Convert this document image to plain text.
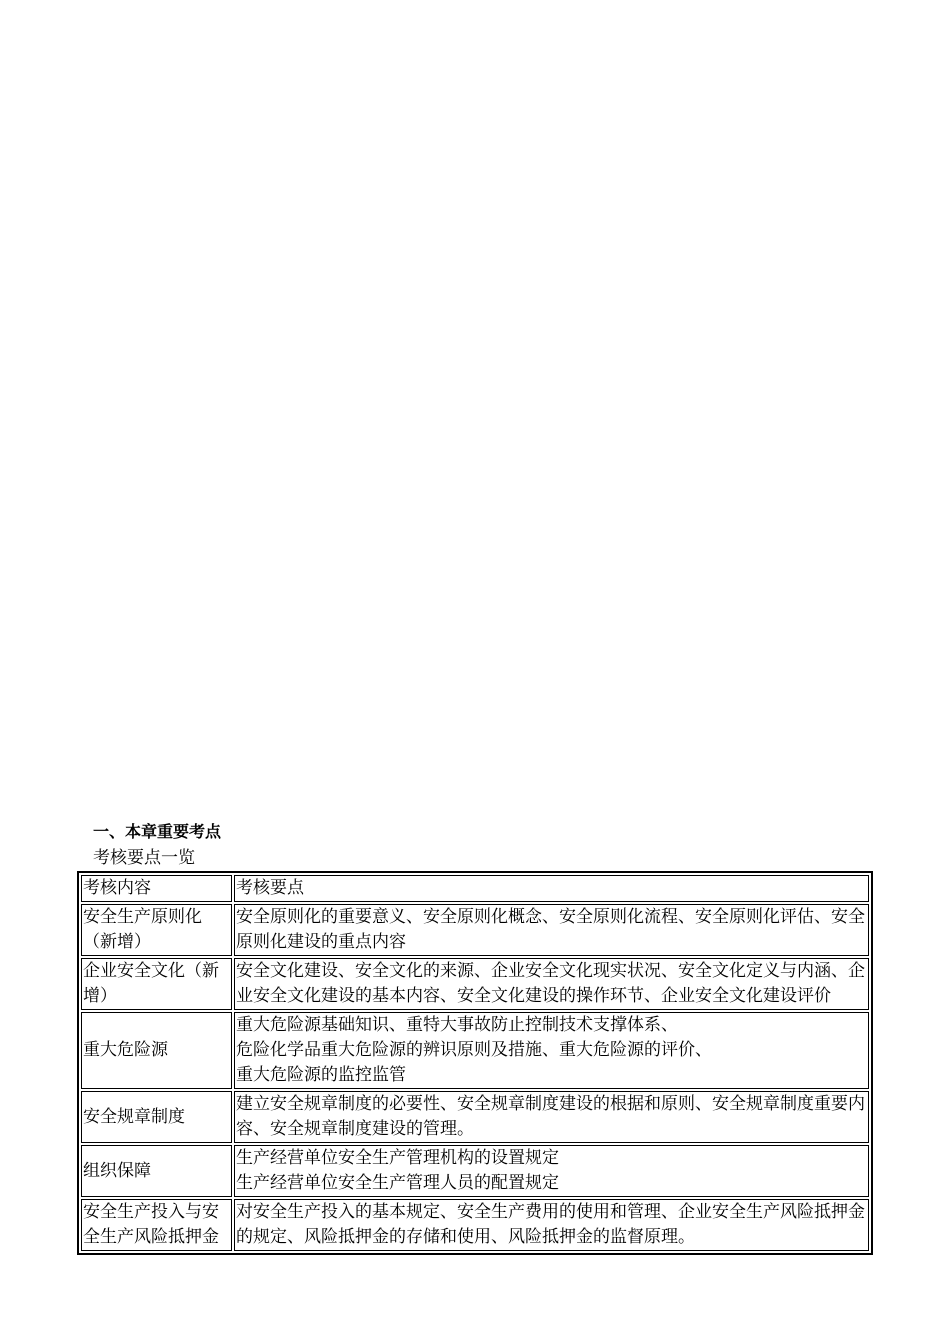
一、本章重要考点
考核要点一览
考核内容	考核要点
安全生产原则化（新增）	安全原则化的重要意义、安全原则化概念、安全原则化流程、安全原则化评估、安全原则化建设的重点内容

企业安全文化（新增）	安全文化建设、安全文化的来源、企业安全文化现实状况、安全文化定义与内涵、企业安全文化建设的基本内容、安全文化建设的操作环节、企业安全文化建设评价

重大危险源	重大危险源基础知识、重特大事故防止控制技术支撑体系、
危险化学品重大危险源的辨识原则及措施、重大危险源的评价、
重大危险源的监控监管

安全规章制度	建立安全规章制度的必要性、安全规章制度建设的根据和原则、安全规章制度重要内容、安全规章制度建设的管理。

组织保障	生产经营单位安全生产管理机构的设置规定
生产经营单位安全生产管理人员的配置规定

安全生产投入与安全生产风险抵押金	对安全生产投入的基本规定、安全生产费用的使用和管理、企业安全生产风险抵押金的规定、风险抵押金的存储和使用、风险抵押金的监督原理。
